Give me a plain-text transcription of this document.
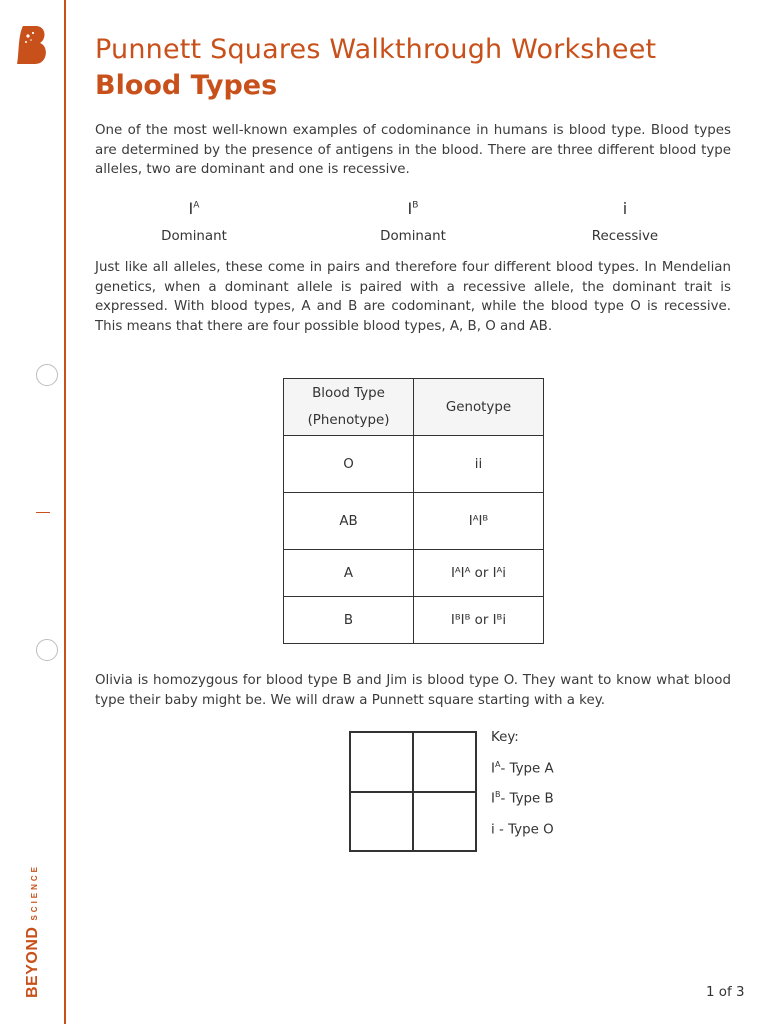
BEYONDSCIENCE
Punnett Squares Walkthrough Worksheet
Blood Types

One of the most well-known examples of codominance in humans is blood type. Blood types are determined by the presence of antigens in the blood. There are three different blood type alleles, two are dominant and one is recessive.

$I^A$
Dominant
$I^B$
Dominant
i
Recessive

Just like all alleles, these come in pairs and therefore four different blood types. In Mendelian genetics, when a dominant allele is paired with a recessive allele, the dominant trait is expressed. With blood types, A and B are codominant, while the blood type O is recessive. This means that there are four possible blood types, A, B, O and AB.

Blood Type
(Phenotype)	Genotype
O	ii
AB	IᴬIᴮ
A	IᴬIᴬ or Iᴬi
B	IᴮIᴮ or Iᴮi

Olivia is homozygous for blood type B and Jim is blood type O. They want to know what blood type their baby might be. We will draw a Punnett square starting with a key.

Key:
$I^A-$ Type A
$I^B-$ Type B
i - Type O
1 of 3
